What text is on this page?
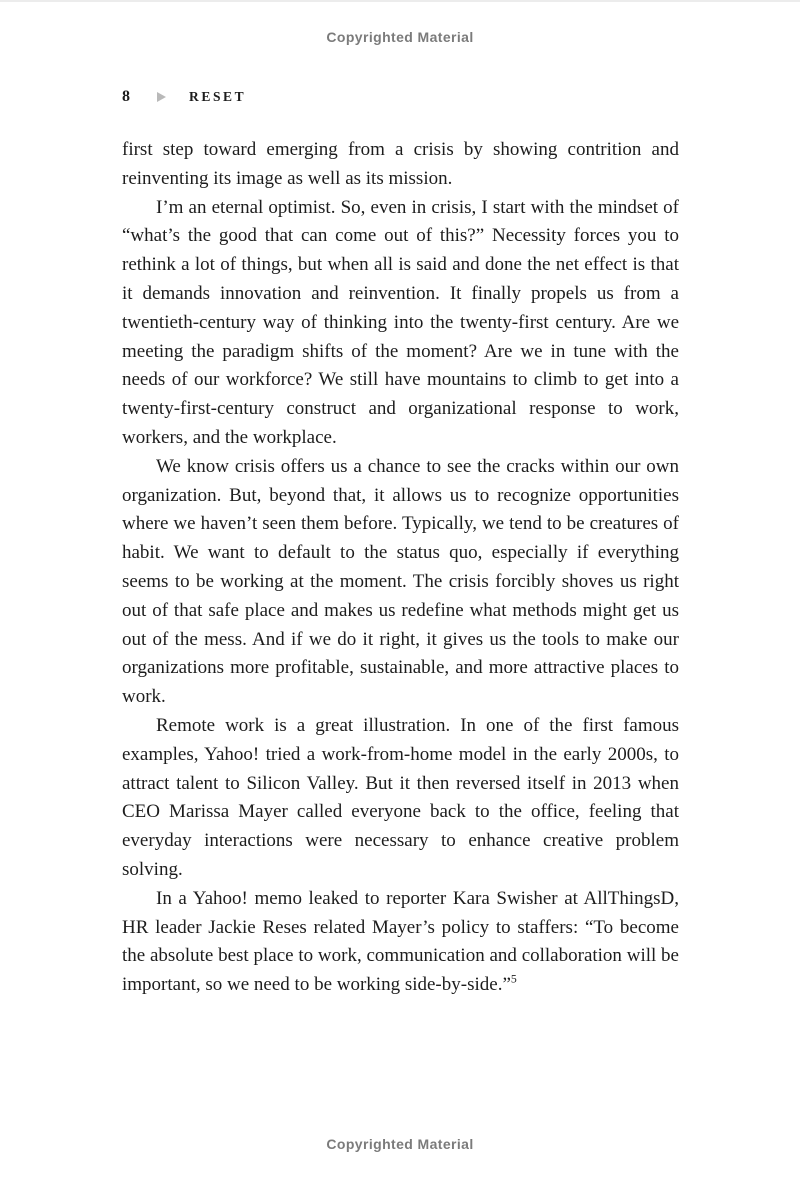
Copyrighted Material
8	RESET

first step toward emerging from a crisis by showing contrition and reinventing its image as well as its mission.

I’m an eternal optimist. So, even in crisis, I start with the mindset of “what’s the good that can come out of this?” Necessity forces you to rethink a lot of things, but when all is said and done the net effect is that it demands innovation and reinvention. It finally propels us from a twentieth-century way of thinking into the twenty-first century. Are we meeting the paradigm shifts of the moment? Are we in tune with the needs of our workforce? We still have mountains to climb to get into a twenty-first-century construct and organizational response to work, workers, and the workplace.

We know crisis offers us a chance to see the cracks within our own organization. But, beyond that, it allows us to recognize opportunities where we haven’t seen them before. Typically, we tend to be creatures of habit. We want to default to the status quo, especially if everything seems to be working at the moment. The crisis forcibly shoves us right out of that safe place and makes us redefine what methods might get us out of the mess. And if we do it right, it gives us the tools to make our organizations more profitable, sustainable, and more attractive places to work.

Remote work is a great illustration. In one of the first famous examples, Yahoo! tried a work-from-home model in the early 2000s, to attract talent to Silicon Valley. But it then reversed itself in 2013 when CEO Marissa Mayer called everyone back to the office, feeling that everyday interactions were necessary to enhance creative problem solving.

In a Yahoo! memo leaked to reporter Kara Swisher at AllThingsD, HR leader Jackie Reses related Mayer’s policy to staffers: “To become the absolute best place to work, communication and collaboration will be important, so we need to be working side-by-side.”$^5$

Copyrighted Material
